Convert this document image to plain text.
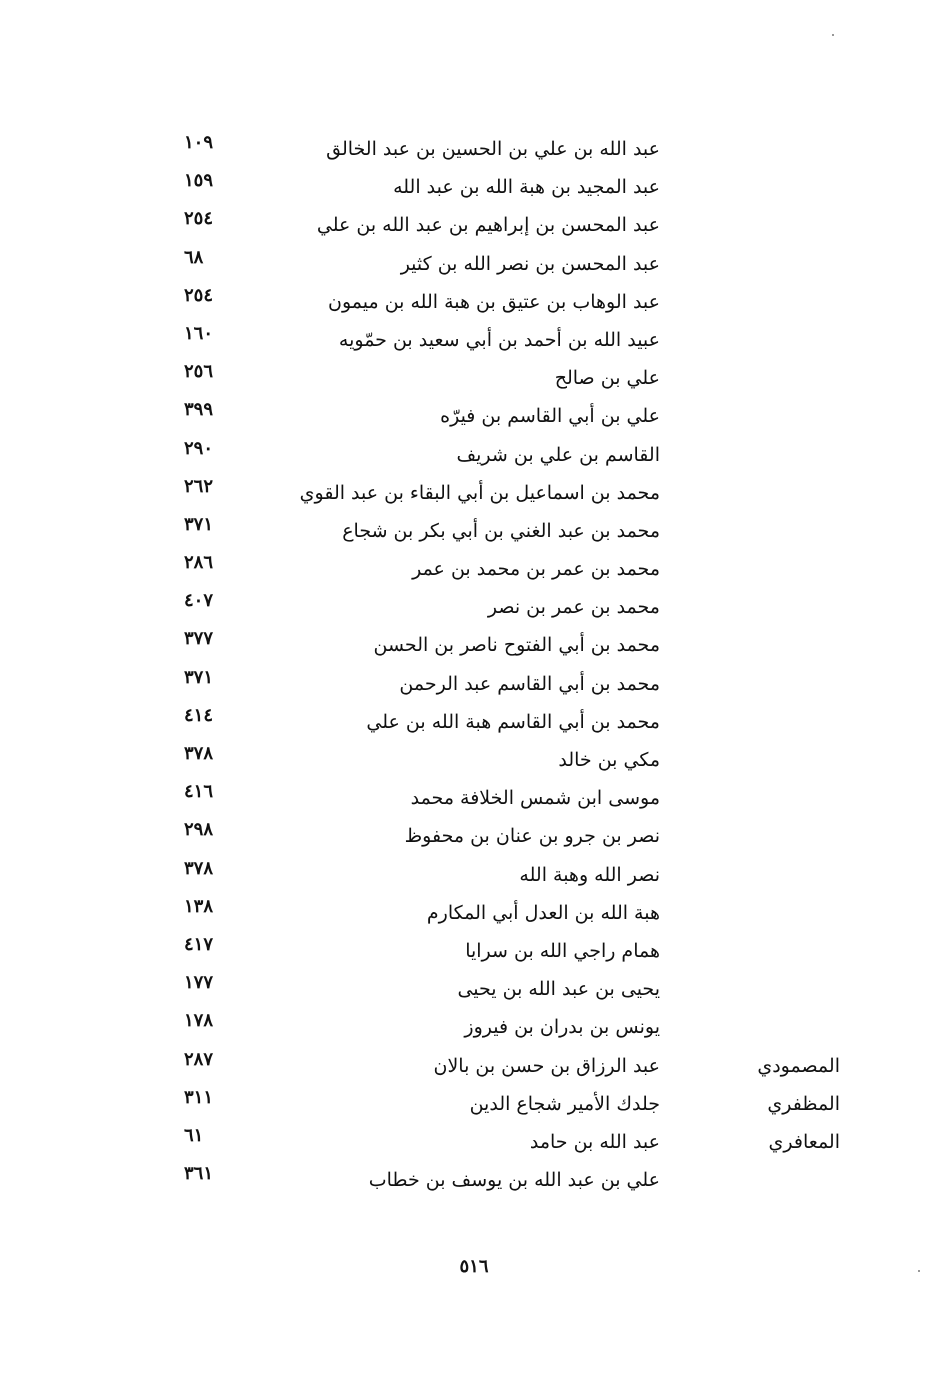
عبد الله بن علي بن الحسين بن عبد الخالق
١٠٩
عبد المجيد بن هبة الله بن عبد الله
١٥٩
عبد المحسن بن إبراهيم بن عبد الله بن علي
٢٥٤
عبد المحسن بن نصر الله بن كثير
٦٨
عبد الوهاب بن عتيق بن هبة الله بن ميمون
٢٥٤
عبيد الله بن أحمد بن أبي سعيد بن حمّويه
١٦٠
علي بن صالح
٢٥٦
علي بن أبي القاسم بن فيرّه
٣٩٩
القاسم بن علي بن شريف
٢٩٠
محمد بن اسماعيل بن أبي البقاء بن عبد القوي
٢٦٢
محمد بن عبد الغني بن أبي بكر بن شجاع
٣٧١
محمد بن عمر بن محمد بن عمر
٢٨٦
محمد بن عمر بن نصر
٤٠٧
محمد بن أبي الفتوح ناصر بن الحسن
٣٧٧
محمد بن أبي القاسم عبد الرحمن
٣٧١
محمد بن أبي القاسم هبة الله بن علي
٤١٤
مكي بن خالد
٣٧٨
موسى ابن شمس الخلافة محمد
٤١٦
نصر بن جرو بن عنان بن محفوظ
٢٩٨
نصر الله وهبة الله
٣٧٨
هبة الله بن العدل أبي المكارم
١٣٨
همام راجي الله بن سرايا
٤١٧
يحيى بن عبد الله بن يحيى
١٧٧
يونس بن بدران بن فيروز
١٧٨
المصمودي
عبد الرزاق بن حسن بن بالان
٢٨٧
المظفري
جلدك الأمير شجاع الدين
٣١١
المعافري
عبد الله بن حامد
٦١
علي بن عبد الله بن يوسف بن خطاب
٣٦١
٥١٦
